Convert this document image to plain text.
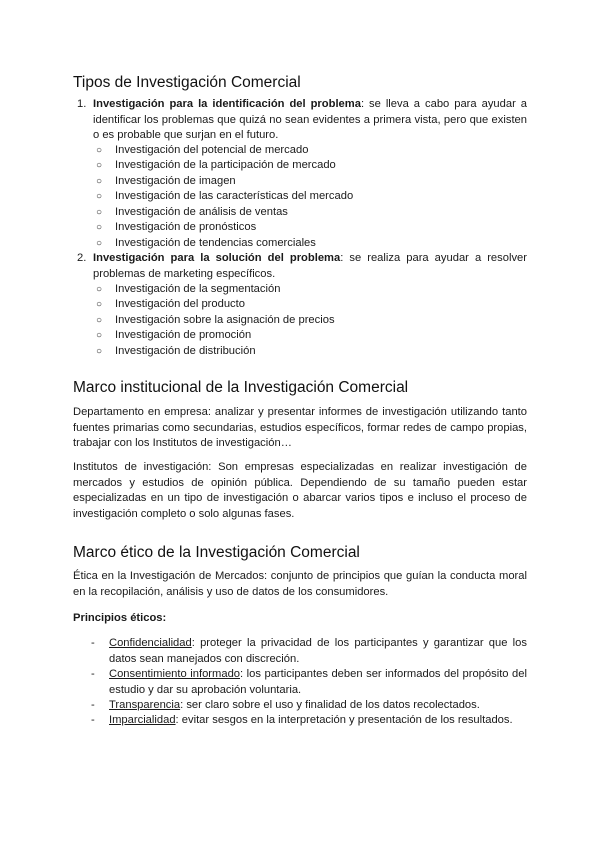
Tipos de Investigación Comercial
1. Investigación para la identificación del problema: se lleva a cabo para ayudar a identificar los problemas que quizá no sean evidentes a primera vista, pero que existen o es probable que surjan en el futuro.

○ Investigación del potencial de mercado
○ Investigación de la participación de mercado
○ Investigación de imagen
○ Investigación de las características del mercado
○ Investigación de análisis de ventas
○ Investigación de pronósticos
○ Investigación de tendencias comerciales
2. Investigación para la solución del problema: se realiza para ayudar a resolver problemas de marketing específicos.

○ Investigación de la segmentación
○ Investigación del producto
○ Investigación sobre la asignación de precios
○ Investigación de promoción
○ Investigación de distribución
Marco institucional de la Investigación Comercial

Departamento en empresa: analizar y presentar informes de investigación utilizando tanto fuentes primarias como secundarias, estudios específicos, formar redes de campo propias, trabajar con los Institutos de investigación…

Institutos de investigación: Son empresas especializadas en realizar investigación de mercados y estudios de opinión pública. Dependiendo de su tamaño pueden estar especializadas en un tipo de investigación o abarcar varios tipos e incluso el proceso de investigación completo o solo algunas fases.

Marco ético de la Investigación Comercial

Ética en la Investigación de Mercados: conjunto de principios que guían la conducta moral en la recopilación, análisis y uso de datos de los consumidores.

Principios éticos:

- Confidencialidad: proteger la privacidad de los participantes y garantizar que los datos sean manejados con discreción.

- Consentimiento informado: los participantes deben ser informados del propósito del estudio y dar su aprobación voluntaria.

- Transparencia: ser claro sobre el uso y finalidad de los datos recolectados.

- Imparcialidad: evitar sesgos en la interpretación y presentación de los resultados.
